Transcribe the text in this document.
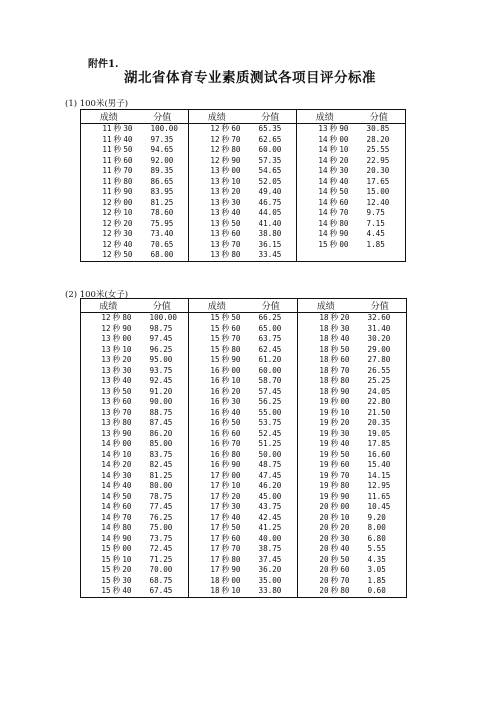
附件1.
湖北省体育专业素质测试各项目评分标准
(1) 100米(男子)
成绩	分值	成绩	分值	成绩	分值
11 秒 30	100.00	12 秒 60	65.35	13 秒 90	30.85
11 秒 40	97.35	12 秒 70	62.65	14 秒 00	28.20
11 秒 50	94.65	12 秒 80	60.00	14 秒 10	25.55
11 秒 60	92.00	12 秒 90	57.35	14 秒 20	22.95
11 秒 70	89.35	13 秒 00	54.65	14 秒 30	20.30
11 秒 80	86.65	13 秒 10	52.05	14 秒 40	17.65
11 秒 90	83.95	13 秒 20	49.40	14 秒 50	15.00
12 秒 00	81.25	13 秒 30	46.75	14 秒 60	12.40
12 秒 10	78.60	13 秒 40	44.05	14 秒 70	9.75
12 秒 20	75.95	13 秒 50	41.40	14 秒 80	7.15
12 秒 30	73.40	13 秒 60	38.80	14 秒 90	4.45
12 秒 40	70.65	13 秒 70	36.15	15 秒 00	1.85
12 秒 50	68.00	13 秒 80	33.45		
(2) 100米(女子)
成绩	分值	成绩	分值	成绩	分值
12 秒 80	100.00	15 秒 50	66.25	18 秒 20	32.60
12 秒 90	98.75	15 秒 60	65.00	18 秒 30	31.40
13 秒 00	97.45	15 秒 70	63.75	18 秒 40	30.20
13 秒 10	96.25	15 秒 80	62.45	18 秒 50	29.00
13 秒 20	95.00	15 秒 90	61.20	18 秒 60	27.80
13 秒 30	93.75	16 秒 00	60.00	18 秒 70	26.55
13 秒 40	92.45	16 秒 10	58.70	18 秒 80	25.25
13 秒 50	91.20	16 秒 20	57.45	18 秒 90	24.05
13 秒 60	90.00	16 秒 30	56.25	19 秒 00	22.80
13 秒 70	88.75	16 秒 40	55.00	19 秒 10	21.50
13 秒 80	87.45	16 秒 50	53.75	19 秒 20	20.35
13 秒 90	86.20	16 秒 60	52.45	19 秒 30	19.05
14 秒 00	85.00	16 秒 70	51.25	19 秒 40	17.85
14 秒 10	83.75	16 秒 80	50.00	19 秒 50	16.60
14 秒 20	82.45	16 秒 90	48.75	19 秒 60	15.40
14 秒 30	81.25	17 秒 00	47.45	19 秒 70	14.15
14 秒 40	80.00	17 秒 10	46.20	19 秒 80	12.95
14 秒 50	78.75	17 秒 20	45.00	19 秒 90	11.65
14 秒 60	77.45	17 秒 30	43.75	20 秒 00	10.45
14 秒 70	76.25	17 秒 40	42.45	20 秒 10	9.20
14 秒 80	75.00	17 秒 50	41.25	20 秒 20	8.00
14 秒 90	73.75	17 秒 60	40.00	20 秒 30	6.80
15 秒 00	72.45	17 秒 70	38.75	20 秒 40	5.55
15 秒 10	71.25	17 秒 80	37.45	20 秒 50	4.35
15 秒 20	70.00	17 秒 90	36.20	20 秒 60	3.05
15 秒 30	68.75	18 秒 00	35.00	20 秒 70	1.85
15 秒 40	67.45	18 秒 10	33.80	20 秒 80	0.60
